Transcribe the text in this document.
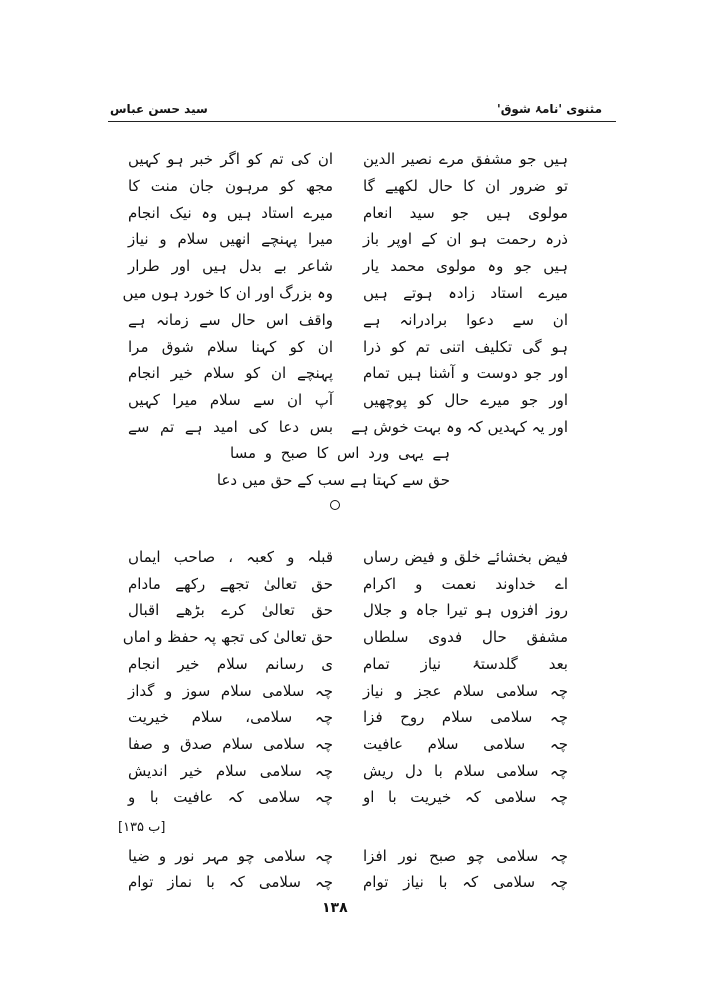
مثنوی 'نامۂ شوق'
سید حسن عباس
ہیں جو مشفق مرے نصیر الدین
ان کی تم کو اگر خبر ہو کہیں
تو ضرور ان کا حال لکھیے گا
مجھ کو مرہون جان منت کا
مولوی ہیں جو سید انعام
میرے استاد ہیں وہ نیک انجام
ذرہ رحمت ہو ان کے اوپر باز
میرا پہنچے انھیں سلام و نیاز
ہیں جو وہ مولوی محمد یار
شاعر بے بدل ہیں اور طرار
میرے استاد زادہ ہوتے ہیں
وہ بزرگ اور ان کا خورد ہوں میں
ان سے دعوا برادرانہ ہے
واقف اس حال سے زمانہ ہے
ہو گی تکلیف اتنی تم کو ذرا
ان کو کہنا سلام شوق مرا
اور جو دوست و آشنا ہیں تمام
پہنچے ان کو سلام خیر انجام
اور جو میرے حال کو پوچھیں
آپ ان سے سلام میرا کہیں
اور یہ کہدیں کہ وہ بہت خوش ہے
بس دعا کی امید ہے تم سے
فیض بخشائے خلق و فیض رساں
قبلہ و کعبہ ، صاحب ایماں
اے خداوند نعمت و اکرام
حق تعالیٰ تجھے رکھے مادام
روز افزوں ہو تیرا جاہ و جلال
حق تعالیٰ کرے بڑھے اقبال
مشفق حال فدوی سلطاں
حق تعالیٰ کی تجھ پہ حفظ و اماں
بعد گلدستۂ نیاز تمام
ی رسانم سلام خیر انجام
چہ سلامی سلام عجز و نیاز
چہ سلامی سلام سوز و گداز
چہ سلامی سلام روح فزا
چہ سلامی، سلام خیریت
چہ سلامی سلام عافیت
چہ سلامی سلام صدق و صفا
چہ سلامی سلام با دل ریش
چہ سلامی سلام خیر اندیش
چہ سلامی کہ خیریت با او
چہ سلامی کہ عافیت با و
چہ سلامی چو صبح نور افزا
چہ سلامی چو مہر نور و ضیا
چہ سلامی کہ با نیاز توام
چہ سلامی کہ با نماز توام
ہے یہی ورد اس کا صبح و مسا
حق سے کہتا ہے سب کے حق میں دعا
[۱۳۵ ب]
۱۳۸
